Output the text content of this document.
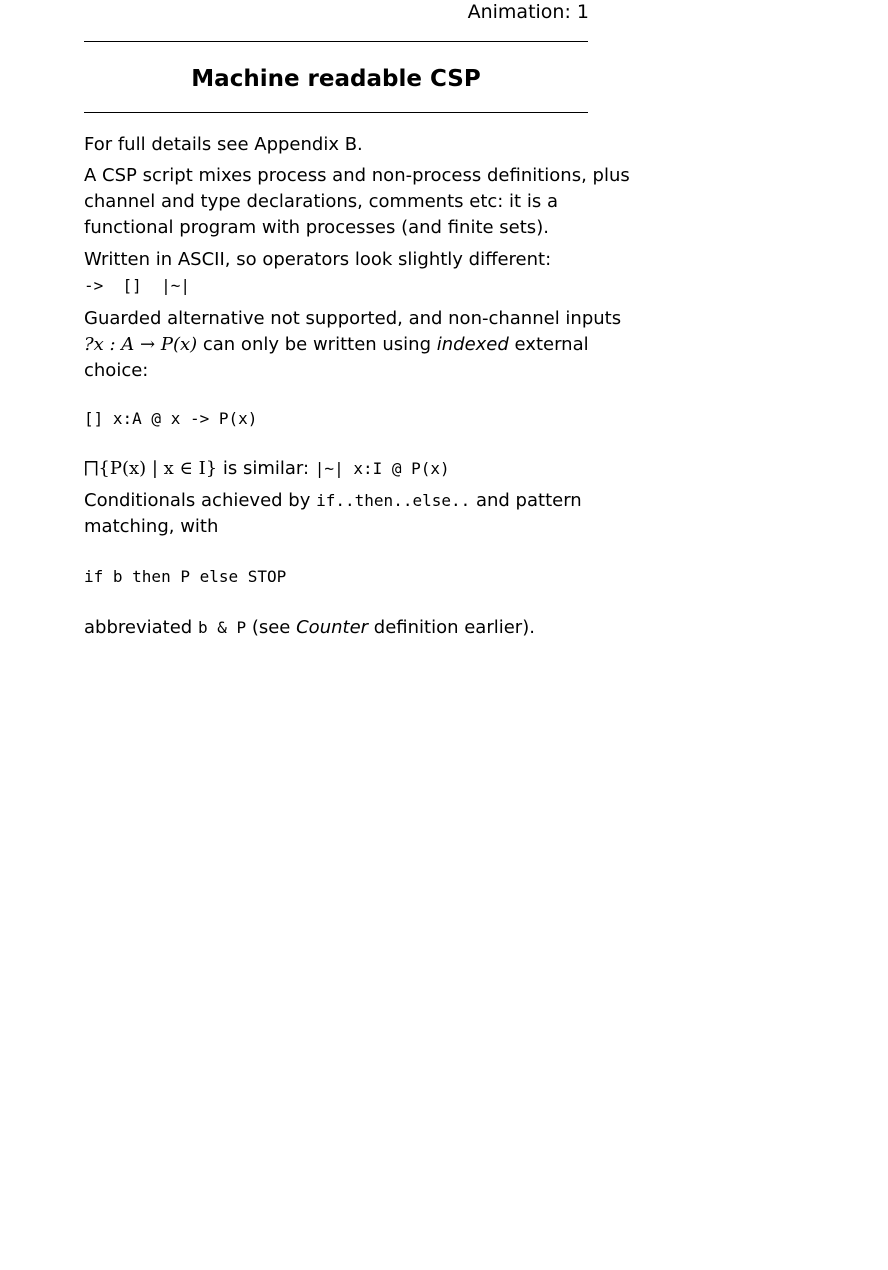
Animation: 1
Machine readable CSP
For full details see Appendix B.
A CSP script mixes process and non-process definitions, plus
channel and type declarations, comments etc: it is a
functional program with processes (and finite sets).
Written in ASCII, so operators look slightly different:
->  []  |~|
Guarded alternative not supported, and non-channel inputs
?x : A → P(x) can only be written using indexed external
choice:
[] x:A @ x -> P(x)
⨅{P(x) | x ∈ I} is similar: |~| x:I @ P(x)
Conditionals achieved by if..then..else.. and pattern
matching, with
if b then P else STOP
abbreviated b & P (see Counter definition earlier).
